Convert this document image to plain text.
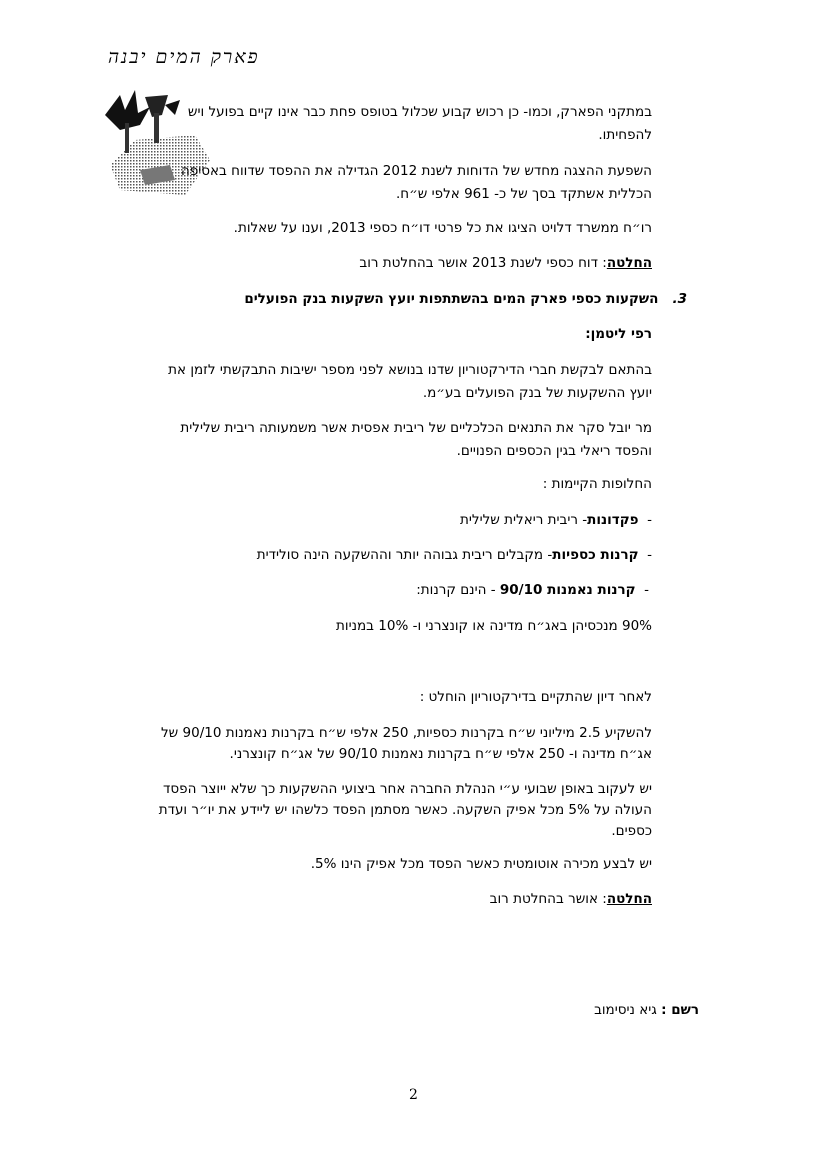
פארק המים יבנה
במתקני הפארק, וכמו- כן רכוש קבוע שכלול בטופס פחת כבר אינו קיים בפועל ויש
להפחיתו.
השפעת ההצגה מחדש של הדוחות לשנת 2012 הגדילה את ההפסד שדווח באסיפה
הכללית אשתקד בסך של כ- 961 אלפי ש״ח.
רו״ח ממשרד דלויט הציגו את כל פרטי דו״ח כספי 2013, וענו על שאלות.
החלטה: דוח כספי לשנת 2013 אושר בהחלטת רוב
3.השקעות כספי פארק המים בהשתתפות יועץ השקעות בנק הפועלים
רפי ליטמן:
בהתאם לבקשת חברי הדירקטוריון שדנו בנושא לפני מספר ישיבות התבקשתי לזמן את
יועץ ההשקעות של בנק הפועלים בע״מ.
מר יובל סקר את התנאים הכלכליים של ריבית אפסית אשר משמעותה ריבית שלילית
והפסד ריאלי בגין הכספים הפנויים.
החלופות הקיימות :
-  פקדונות- ריבית ריאלית שלילית
-  קרנות כספיות- מקבלים ריבית גבוהה יותר וההשקעה הינה סולידית
-  קרנות נאמנות 90/10 - הינם קרנות:
90% מנכסיהן באג״ח מדינה או קונצרני ו- 10% במניות
לאחר דיון שהתקיים בדירקטוריון הוחלט :
להשקיע 2.5 מיליוני ש״ח בקרנות כספיות, 250 אלפי ש״ח בקרנות נאמנות 90/10 של
אג״ח מדינה ו- 250 אלפי ש״ח בקרנות נאמנות 90/10 של אג״ח קונצרני.
יש לעקוב באופן שבועי ע״י הנהלת החברה אחר ביצועי ההשקעות כך שלא ייוצר הפסד
העולה על 5% מכל אפיק השקעה. כאשר מסתמן הפסד כלשהו יש ליידע את יו״ר ועדת
כספים.
יש לבצע מכירה אוטומטית כאשר הפסד מכל אפיק הינו 5%.
החלטה: אושר בהחלטת רוב
רשם : גיא ניסימוב
2
